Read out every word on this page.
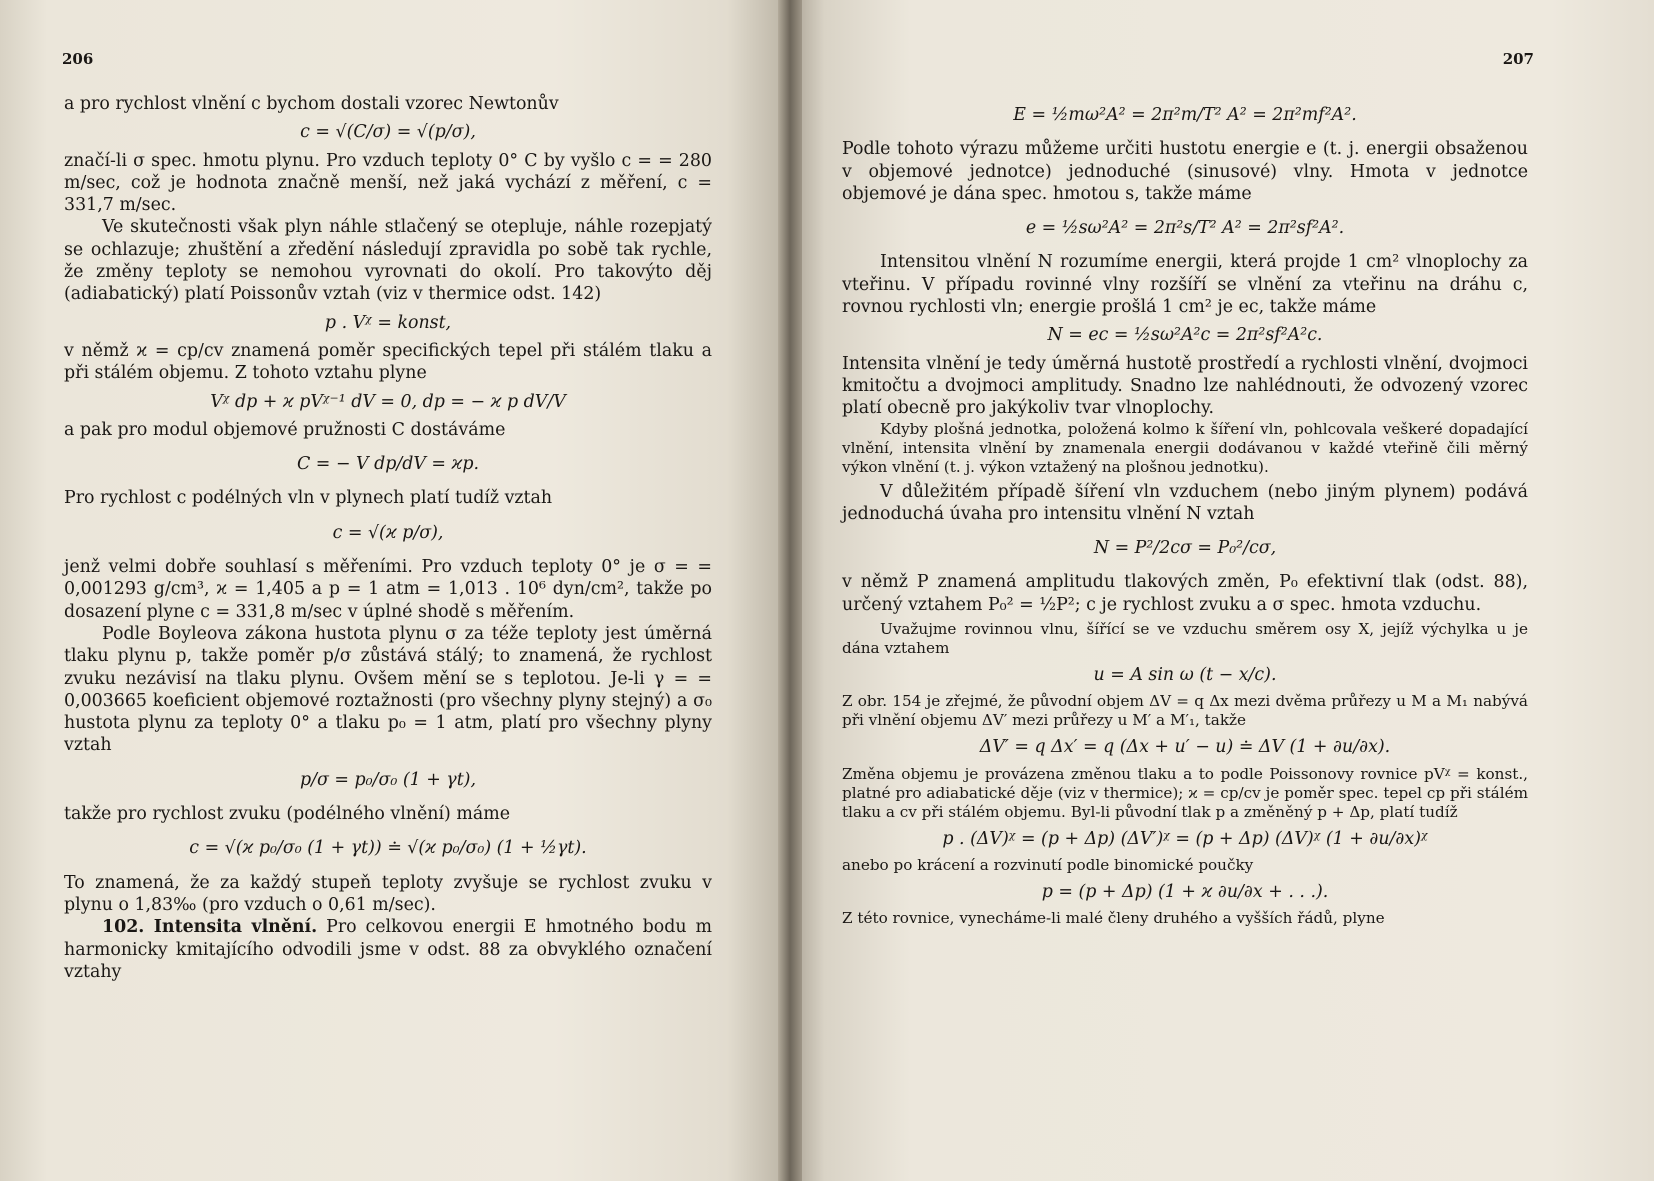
206

a pro rychlost vlnění c bychom dostali vzorec Newtonův

c = √(C/σ) = √(p/σ),

značí-li σ spec. hmotu plynu. Pro vzduch teploty 0° C by vyšlo c = = 280 m/sec, což je hodnota značně menší, než jaká vychází z měření, c = 331,7 m/sec.

Ve skutečnosti však plyn náhle stlačený se otepluje, náhle rozepjatý se ochlazuje; zhuštění a zředění následují zpravidla po sobě tak rychle, že změny teploty se nemohou vyrovnati do okolí. Pro takovýto děj (adiabatický) platí Poissonův vztah (viz v thermice odst. 142)

p . Vᵡ = konst,

v němž ϰ = cp/cv znamená poměr specifických tepel při stálém tlaku a při stálém objemu. Z tohoto vztahu plyne

Vᵡ dp + ϰ pVᵡ⁻¹ dV = 0, dp = − ϰ p dV/V

a pak pro modul objemové pružnosti C dostáváme

C = − V dp/dV = ϰp.

Pro rychlost c podélných vln v plynech platí tudíž vztah

c = √(ϰ p/σ),

jenž velmi dobře souhlasí s měřeními. Pro vzduch teploty 0° je σ = = 0,001293 g/cm³, ϰ = 1,405 a p = 1 atm = 1,013 . 10⁶ dyn/cm², takže po dosazení plyne c = 331,8 m/sec v úplné shodě s měřením.

Podle Boyleova zákona hustota plynu σ za téže teploty jest úměrná tlaku plynu p, takže poměr p/σ zůstává stálý; to znamená, že rychlost zvuku nezávisí na tlaku plynu. Ovšem mění se s teplotou. Je-li γ = = 0,003665 koeficient objemové roztažnosti (pro všechny plyny stejný) a σ₀ hustota plynu za teploty 0° a tlaku p₀ = 1 atm, platí pro všechny plyny vztah

p/σ = p₀/σ₀ (1 + γt),

takže pro rychlost zvuku (podélného vlnění) máme

c = √(ϰ p₀/σ₀ (1 + γt)) ≐ √(ϰ p₀/σ₀) (1 + ½γt).

To znamená, že za každý stupeň teploty zvyšuje se rychlost zvuku v plynu o 1,83‰ (pro vzduch o 0,61 m/sec).

102. Intensita vlnění. Pro celkovou energii E hmotného bodu m harmonicky kmitajícího odvodili jsme v odst. 88 za obvyklého označení vztahy

207

E = ½mω²A² = 2π²m/T² A² = 2π²mf²A².

Podle tohoto výrazu můžeme určiti hustotu energie e (t. j. energii obsaženou v objemové jednotce) jednoduché (sinusové) vlny. Hmota v jednotce objemové je dána spec. hmotou s, takže máme

e = ½sω²A² = 2π²s/T² A² = 2π²sf²A².

Intensitou vlnění N rozumíme energii, která projde 1 cm² vlnoplochy za vteřinu. V případu rovinné vlny rozšíří se vlnění za vteřinu na dráhu c, rovnou rychlosti vln; energie prošlá 1 cm² je ec, takže máme

N = ec = ½sω²A²c = 2π²sf²A²c.

Intensita vlnění je tedy úměrná hustotě prostředí a rychlosti vlnění, dvojmoci kmitočtu a dvojmoci amplitudy. Snadno lze nahlédnouti, že odvozený vzorec platí obecně pro jakýkoliv tvar vlnoplochy.

Kdyby plošná jednotka, položená kolmo k šíření vln, pohlcovala veškeré dopadající vlnění, intensita vlnění by znamenala energii dodávanou v každé vteřině čili měrný výkon vlnění (t. j. výkon vztažený na plošnou jednotku).

V důležitém případě šíření vln vzduchem (nebo jiným plynem) podává jednoduchá úvaha pro intensitu vlnění N vztah

N = P²/2cσ = P₀²/cσ,

v němž P znamená amplitudu tlakových změn, P₀ efektivní tlak (odst. 88), určený vztahem P₀² = ½P²; c je rychlost zvuku a σ spec. hmota vzduchu.

Uvažujme rovinnou vlnu, šířící se ve vzduchu směrem osy X, jejíž výchylka u je dána vztahem

u = A sin ω (t − x/c).

Z obr. 154 je zřejmé, že původní objem ΔV = q Δx mezi dvěma průřezy u M a M₁ nabývá při vlnění objemu ΔV′ mezi průřezy u M′ a M′₁, takže

ΔV′ = q Δx′ = q (Δx + u′ − u) ≐ ΔV (1 + ∂u/∂x).

Změna objemu je provázena změnou tlaku a to podle Poissonovy rovnice pVᵡ = konst., platné pro adiabatické děje (viz v thermice); ϰ = cp/cv je poměr spec. tepel cp při stálém tlaku a cv při stálém objemu. Byl-li původní tlak p a změněný p + Δp, platí tudíž

p . (ΔV)ᵡ = (p + Δp) (ΔV′)ᵡ = (p + Δp) (ΔV)ᵡ (1 + ∂u/∂x)ᵡ

anebo po krácení a rozvinutí podle binomické poučky

p = (p + Δp) (1 + ϰ ∂u/∂x + . . .).

Z této rovnice, vynecháme-li malé členy druhého a vyšších řádů, plyne
